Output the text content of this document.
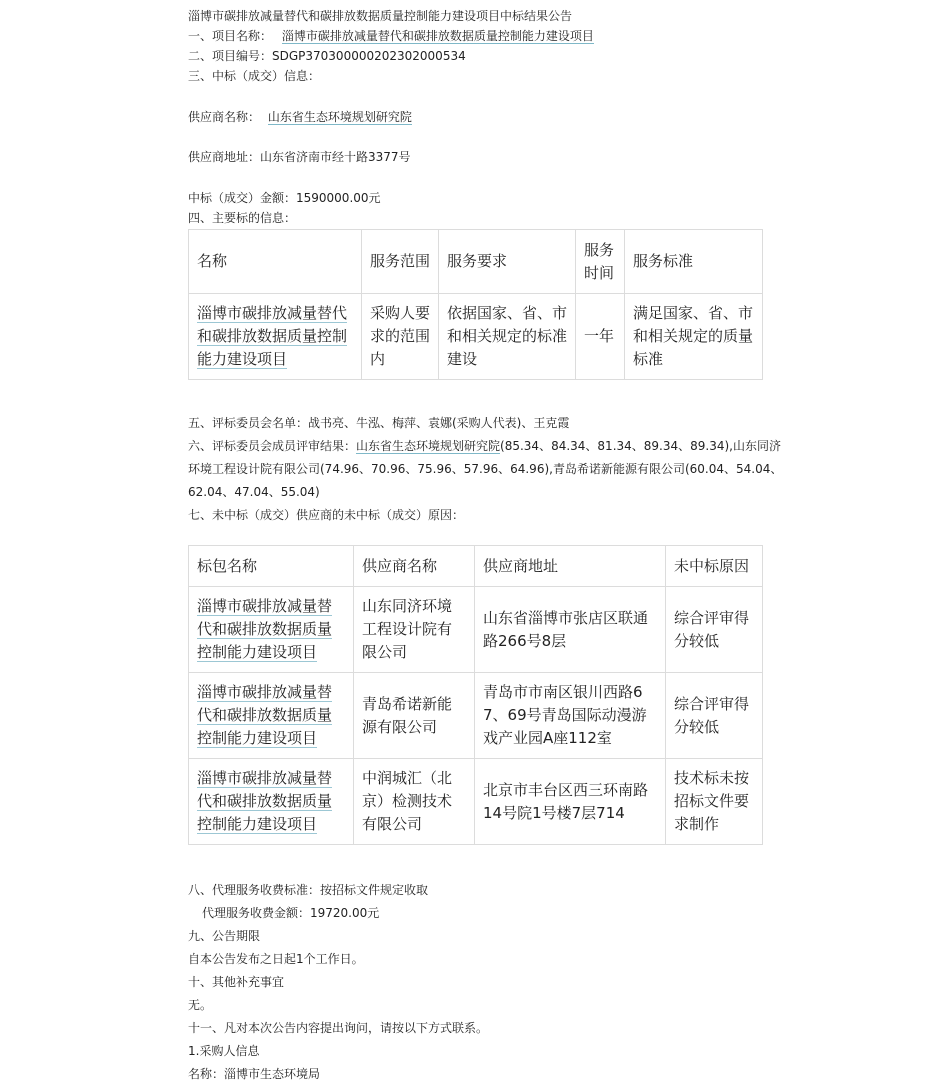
淄博市碳排放减量替代和碳排放数据质量控制能力建设项目中标结果公告
一、项目名称： 淄博市碳排放减量替代和碳排放数据质量控制能力建设项目
二、项目编号：SDGP370300000202302000534
三、中标（成交）信息：
供应商名称： 山东省生态环境规划研究院
供应商地址：山东省济南市经十路3377号
中标（成交）金额：1590000.00元
四、主要标的信息：
名称	服务范围	服务要求	服务时间	服务标准
淄博市碳排放减量替代和碳排放数据质量控制能力建设项目	采购人要求的范围内	依据国家、省、市和相关规定的标准建设	一年	满足国家、省、市和相关规定的质量标准
五、评标委员会名单：战书亮、牛泓、梅萍、袁娜(采购人代表)、王克霞
六、评标委员会成员评审结果：山东省生态环境规划研究院(85.34、84.34、81.34、89.34、89.34),山东同济
环境工程设计院有限公司(74.96、70.96、75.96、57.96、64.96),青岛希诺新能源有限公司(60.04、54.04、
62.04、47.04、55.04)
七、未中标（成交）供应商的未中标（成交）原因：
标包名称	供应商名称	供应商地址	未中标原因
淄博市碳排放减量替代和碳排放数据质量控制能力建设项目	山东同济环境工程设计院有限公司	山东省淄博市张店区联通路266号8层	综合评审得分较低
淄博市碳排放减量替代和碳排放数据质量控制能力建设项目	青岛希诺新能源有限公司	青岛市市南区银川西路67、69号青岛国际动漫游戏产业园A座112室	综合评审得分较低
淄博市碳排放减量替代和碳排放数据质量控制能力建设项目	中润城汇（北京）检测技术有限公司	北京市丰台区西三环南路14号院1号楼7层714	技术标未按招标文件要求制作
八、代理服务收费标准：按招标文件规定收取
代理服务收费金额：19720.00元
九、公告期限
自本公告发布之日起1个工作日。
十、其他补充事宜
无。
十一、凡对本次公告内容提出询问，请按以下方式联系。
1.采购人信息
名称：淄博市生态环境局
